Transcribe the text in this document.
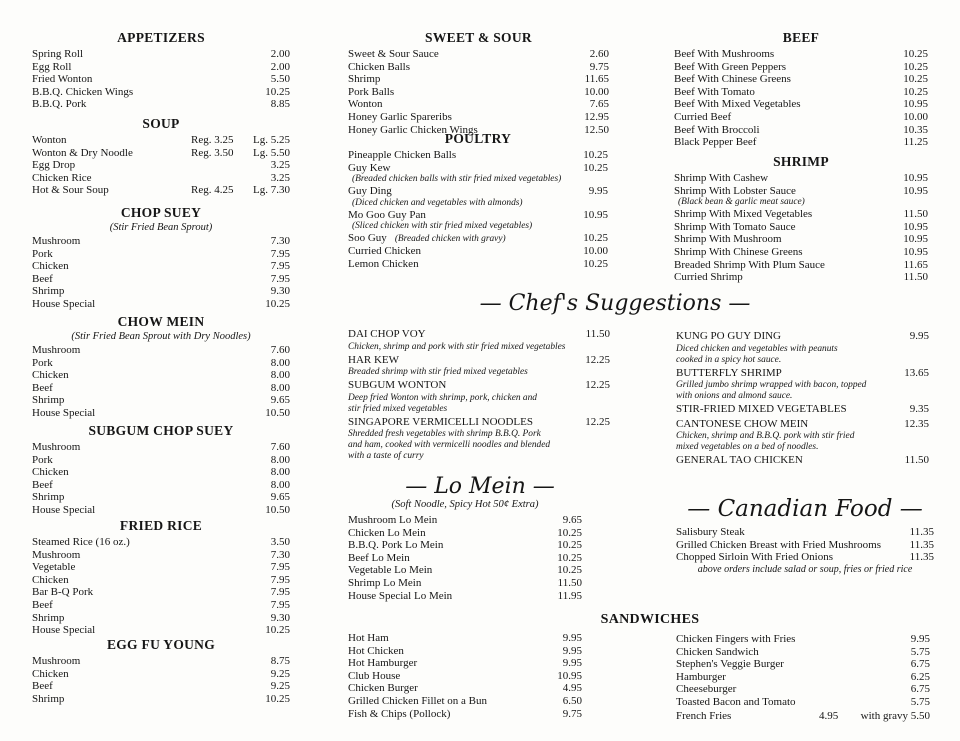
APPETIZERS
Spring Roll	2.00
Egg Roll	2.00
Fried Wonton	5.50
B.B.Q. Chicken Wings	10.25
B.B.Q. Pork	8.85
SOUP
Wonton	Reg. 3.25 Lg. 5.25
Wonton & Dry Noodle	Reg. 3.50 Lg. 5.50
Egg Drop	3.25
Chicken Rice	3.25
Hot & Sour Soup	Reg. 4.25 Lg. 7.30
CHOP SUEY
(Stir Fried Bean Sprout)
Mushroom	7.30
Pork	7.95
Chicken	7.95
Beef	7.95
Shrimp	9.30
House Special	10.25
CHOW MEIN
(Stir Fried Bean Sprout with Dry Noodles)
Mushroom	7.60
Pork	8.00
Chicken	8.00
Beef	8.00
Shrimp	9.65
House Special	10.50
SUBGUM CHOP SUEY
Mushroom	7.60
Pork	8.00
Chicken	8.00
Beef	8.00
Shrimp	9.65
House Special	10.50
FRIED RICE
Steamed Rice (16 oz.)	3.50
Mushroom	7.30
Vegetable	7.95
Chicken	7.95
Bar B-Q Pork	7.95
Beef	7.95
Shrimp	9.30
House Special	10.25
EGG FU YOUNG
Mushroom	8.75
Chicken	9.25
Beef	9.25
Shrimp	10.25
SWEET & SOUR
Sweet & Sour Sauce	2.60
Chicken Balls	9.75
Shrimp	11.65
Pork Balls	10.00
Wonton	7.65
Honey Garlic Spareribs	12.95
Honey Garlic Chicken Wings	12.50
POULTRY
Pineapple Chicken Balls	10.25
Guy Kew	10.25
(Breaded chicken balls with stir fried mixed vegetables)
Guy Ding	9.95
(Diced chicken and vegetables with almonds)
Mo Goo Guy Pan	10.95
(Sliced chicken with stir fried mixed vegetables)
Soo Guy (Breaded chicken with gravy)	10.25
Curried Chicken	10.00
Lemon Chicken	10.25
BEEF
Beef With Mushrooms	10.25
Beef With Green Peppers	10.25
Beef With Chinese Greens	10.25
Beef With Tomato	10.25
Beef With Mixed Vegetables	10.95
Curried Beef	10.00
Beef With Broccoli	10.35
Black Pepper Beef	11.25
SHRIMP
Shrimp With Cashew	10.95
Shrimp With Lobster Sauce	10.95
(Black bean & garlic meat sauce)
Shrimp With Mixed Vegetables	11.50
Shrimp With Tomato Sauce	10.95
Shrimp With Mushroom	10.95
Shrimp With Chinese Greens	10.95
Breaded Shrimp With Plum Sauce	11.65
Curried Shrimp	11.50
— Chef's Suggestions —
DAI CHOP VOY	11.50
Chicken, shrimp and pork with stir fried mixed vegetables
HAR KEW	12.25
Breaded shrimp with stir fried mixed vegetables
SUBGUM WONTON	12.25
Deep fried Wonton with shrimp, pork, chicken and
stir fried mixed vegetables
SINGAPORE VERMICELLI NOODLES	12.25
Shredded fresh vegetables with shrimp B.B.Q. Pork
and ham, cooked with vermicelli noodles and blended
with a taste of curry
KUNG PO GUY DING	9.95
Diced chicken and vegetables with peanuts
cooked in a spicy hot sauce.
BUTTERFLY SHRIMP	13.65
Grilled jumbo shrimp wrapped with bacon, topped
with onions and almond sauce.
STIR-FRIED MIXED VEGETABLES	9.35
CANTONESE CHOW MEIN	12.35
Chicken, shrimp and B.B.Q. pork with stir fried
mixed vegetables on a bed of noodles.
GENERAL TAO CHICKEN	11.50
— Lo Mein —
(Soft Noodle, Spicy Hot 50¢ Extra)
Mushroom Lo Mein	9.65
Chicken Lo Mein	10.25
B.B.Q. Pork Lo Mein	10.25
Beef Lo Mein	10.25
Vegetable Lo Mein	10.25
Shrimp Lo Mein	11.50
House Special Lo Mein	11.95
— Canadian Food —
Salisbury Steak	11.35
Grilled Chicken Breast with Fried Mushrooms	11.35
Chopped Sirloin With Fried Onions	11.35
above orders include salad or soup, fries or fried rice
SANDWICHES
Hot Ham	9.95
Hot Chicken	9.95
Hot Hamburger	9.95
Club House	10.95
Chicken Burger	4.95
Grilled Chicken Fillet on a Bun	6.50
Fish & Chips (Pollock)	9.75
Chicken Fingers with Fries	9.95
Chicken Sandwich	5.75
Stephen's Veggie Burger	6.75
Hamburger	6.25
Cheeseburger	6.75
Toasted Bacon and Tomato	5.75
French Fries	4.95 with gravy 5.50
